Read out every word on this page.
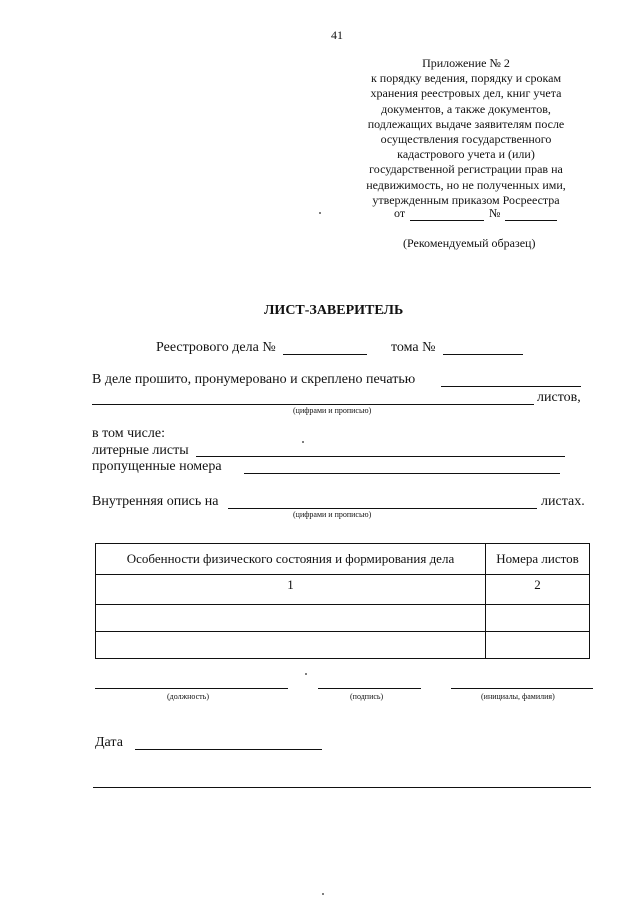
41
Приложение № 2
к порядку ведения, порядку и срокам
хранения реестровых дел, книг учета
документов, а также документов,
подлежащих выдаче заявителям после
осуществления государственного
кадастрового учета и (или)
государственной регистрации прав на
недвижимость, но не полученных ими,
утвержденным приказом Росреестра
от	№
(Рекомендуемый образец)
ЛИСТ-ЗАВЕРИТЕЛЬ
Реестрового дела №	тома №
В деле прошито, пронумеровано и скреплено печатью
листов,
(цифрами и прописью)
в том числе:
литерные листы
пропущенные номера
Внутренняя опись на	листах.
(цифрами и прописью)
Особенности физического состояния и формирования дела	Номера листов
1	2

(должность)	(подпись)	(инициалы, фамилия)
Дата
